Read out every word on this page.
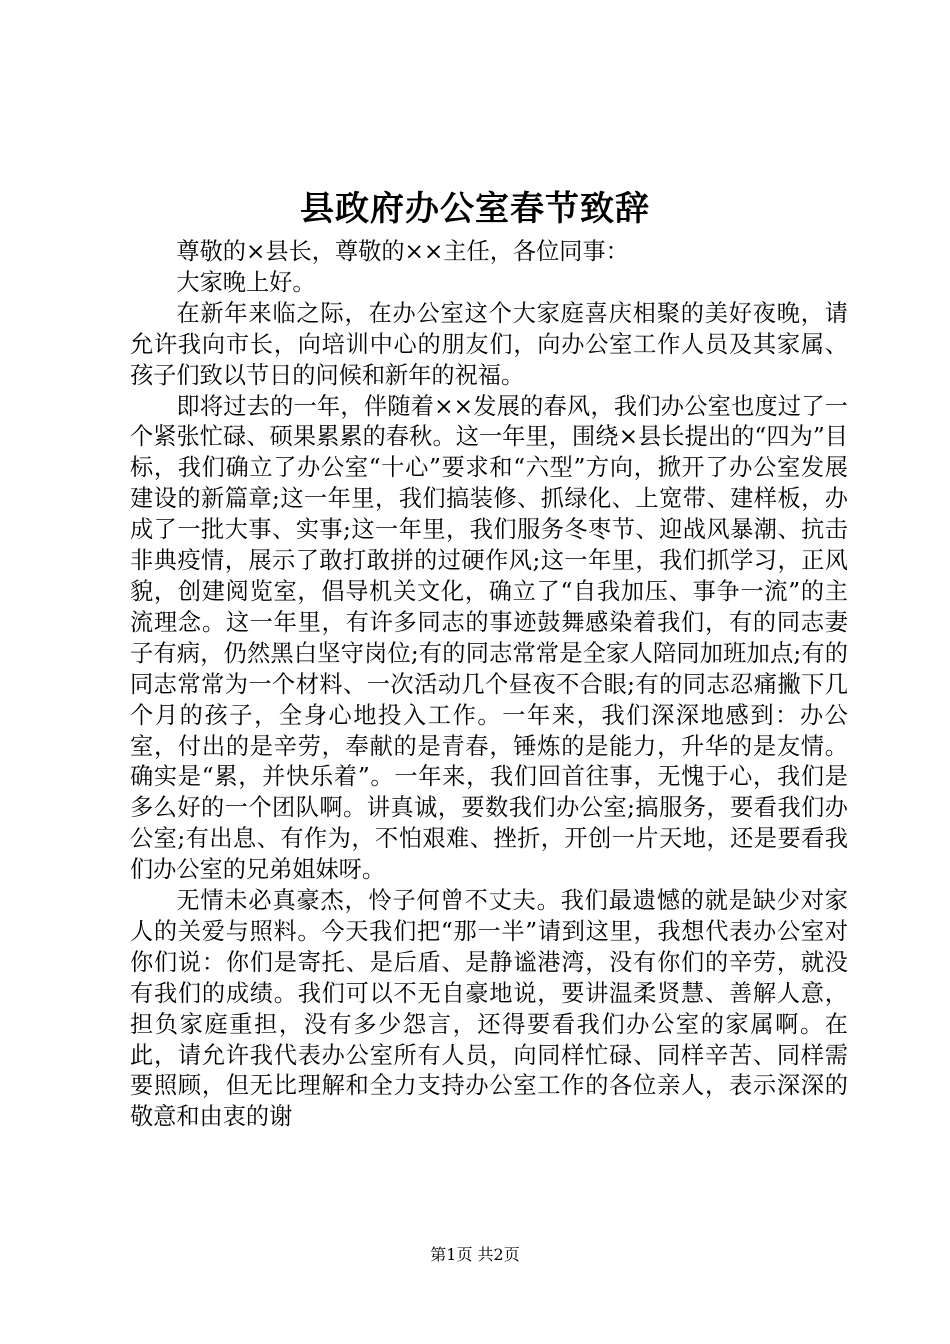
县政府办公室春节致辞

尊敬的×县长，尊敬的××主任，各位同事：

大家晚上好。

在新年来临之际，在办公室这个大家庭喜庆相聚的美好夜晚，请允许我向市长，向培训中心的朋友们，向办公室工作人员及其家属、孩子们致以节日的问候和新年的祝福。

即将过去的一年，伴随着××发展的春风，我们办公室也度过了一个紧张忙碌、硕果累累的春秋。这一年里，围绕×县长提出的“四为”目标，我们确立了办公室“十心”要求和“六型”方向，掀开了办公室发展建设的新篇章;这一年里，我们搞装修、抓绿化、上宽带、建样板，办成了一批大事、实事;这一年里，我们服务冬枣节、迎战风暴潮、抗击非典疫情，展示了敢打敢拼的过硬作风;这一年里，我们抓学习，正风貌，创建阅览室，倡导机关文化，确立了“自我加压、事争一流”的主流理念。这一年里，有许多同志的事迹鼓舞感染着我们，有的同志妻子有病，仍然黑白坚守岗位;有的同志常常是全家人陪同加班加点;有的同志常常为一个材料、一次活动几个昼夜不合眼;有的同志忍痛撇下几个月的孩子，全身心地投入工作。一年来，我们深深地感到：办公室，付出的是辛劳，奉献的是青春，锤炼的是能力，升华的是友情。确实是“累，并快乐着”。一年来，我们回首往事，无愧于心，我们是多么好的一个团队啊。讲真诚，要数我们办公室;搞服务，要看我们办公室;有出息、有作为，不怕艰难、挫折，开创一片天地，还是要看我们办公室的兄弟姐妹呀。

无情未必真豪杰，怜子何曾不丈夫。我们最遗憾的就是缺少对家人的关爱与照料。今天我们把“那一半”请到这里，我想代表办公室对你们说：你们是寄托、是后盾、是静谧港湾，没有你们的辛劳，就没有我们的成绩。我们可以不无自豪地说，要讲温柔贤慧、善解人意，担负家庭重担，没有多少怨言，还得要看我们办公室的家属啊。在此，请允许我代表办公室所有人员，向同样忙碌、同样辛苦、同样需要照顾，但无比理解和全力支持办公室工作的各位亲人，表示深深的敬意和由衷的谢

第1页 共2页
